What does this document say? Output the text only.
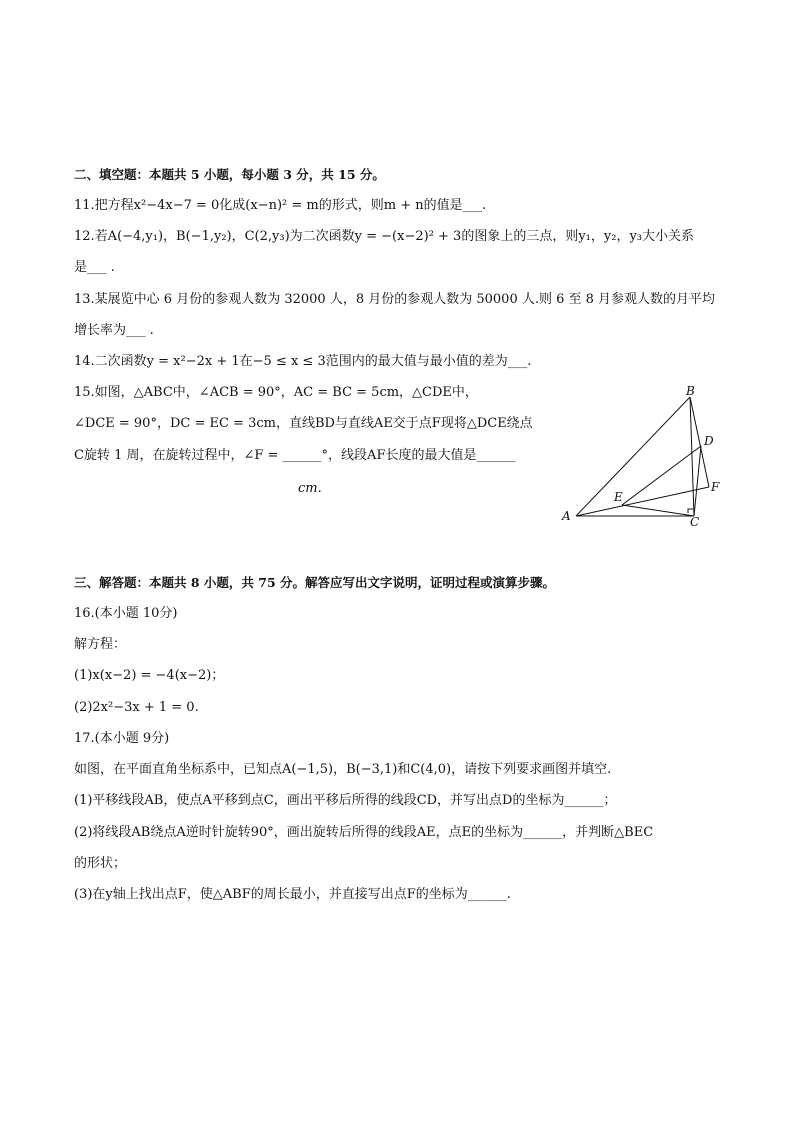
二、填空题：本题共 5 小题，每小题 3 分，共 15 分。
11.把方程x²−4x−7 = 0化成(x−n)² = m的形式，则m + n的值是___.
12.若A(−4,y₁)，B(−1,y₂)，C(2,y₃)为二次函数y = −(x−2)² + 3的图象上的三点，则y₁，y₂，y₃大小关系
是___ .
13.某展览中心 6 月份的参观人数为 32000 人，8 月份的参观人数为 50000 人.则 6 至 8 月参观人数的月平均
增长率为___ .
14.二次函数y = x²−2x + 1在−5 ≤ x ≤ 3范围内的最大值与最小值的差为___.
15.如图，△ABC中，∠ACB = 90°，AC = BC = 5cm，△CDE中，
∠DCE = 90°，DC = EC = 3cm，直线BD与直线AE交于点F现将△DCE绕点
C旋转 1 周，在旋转过程中，∠F = ______°，线段AF长度的最大值是______
cm.
B
D
F
E
A	C
三、解答题：本题共 8 小题，共 75 分。解答应写出文字说明，证明过程或演算步骤。
16.(本小题 10分)
解方程：
(1)x(x−2) = −4(x−2)；
(2)2x²−3x + 1 = 0.
17.(本小题 9分)
如图，在平面直角坐标系中，已知点A(−1,5)，B(−3,1)和C(4,0)，请按下列要求画图并填空.
(1)平移线段AB，使点A平移到点C，画出平移后所得的线段CD，并写出点D的坐标为______；
(2)将线段AB绕点A逆时针旋转90°，画出旋转后所得的线段AE，点E的坐标为______，并判断△BEC
的形状；
(3)在y轴上找出点F，使△ABF的周长最小，并直接写出点F的坐标为______.
